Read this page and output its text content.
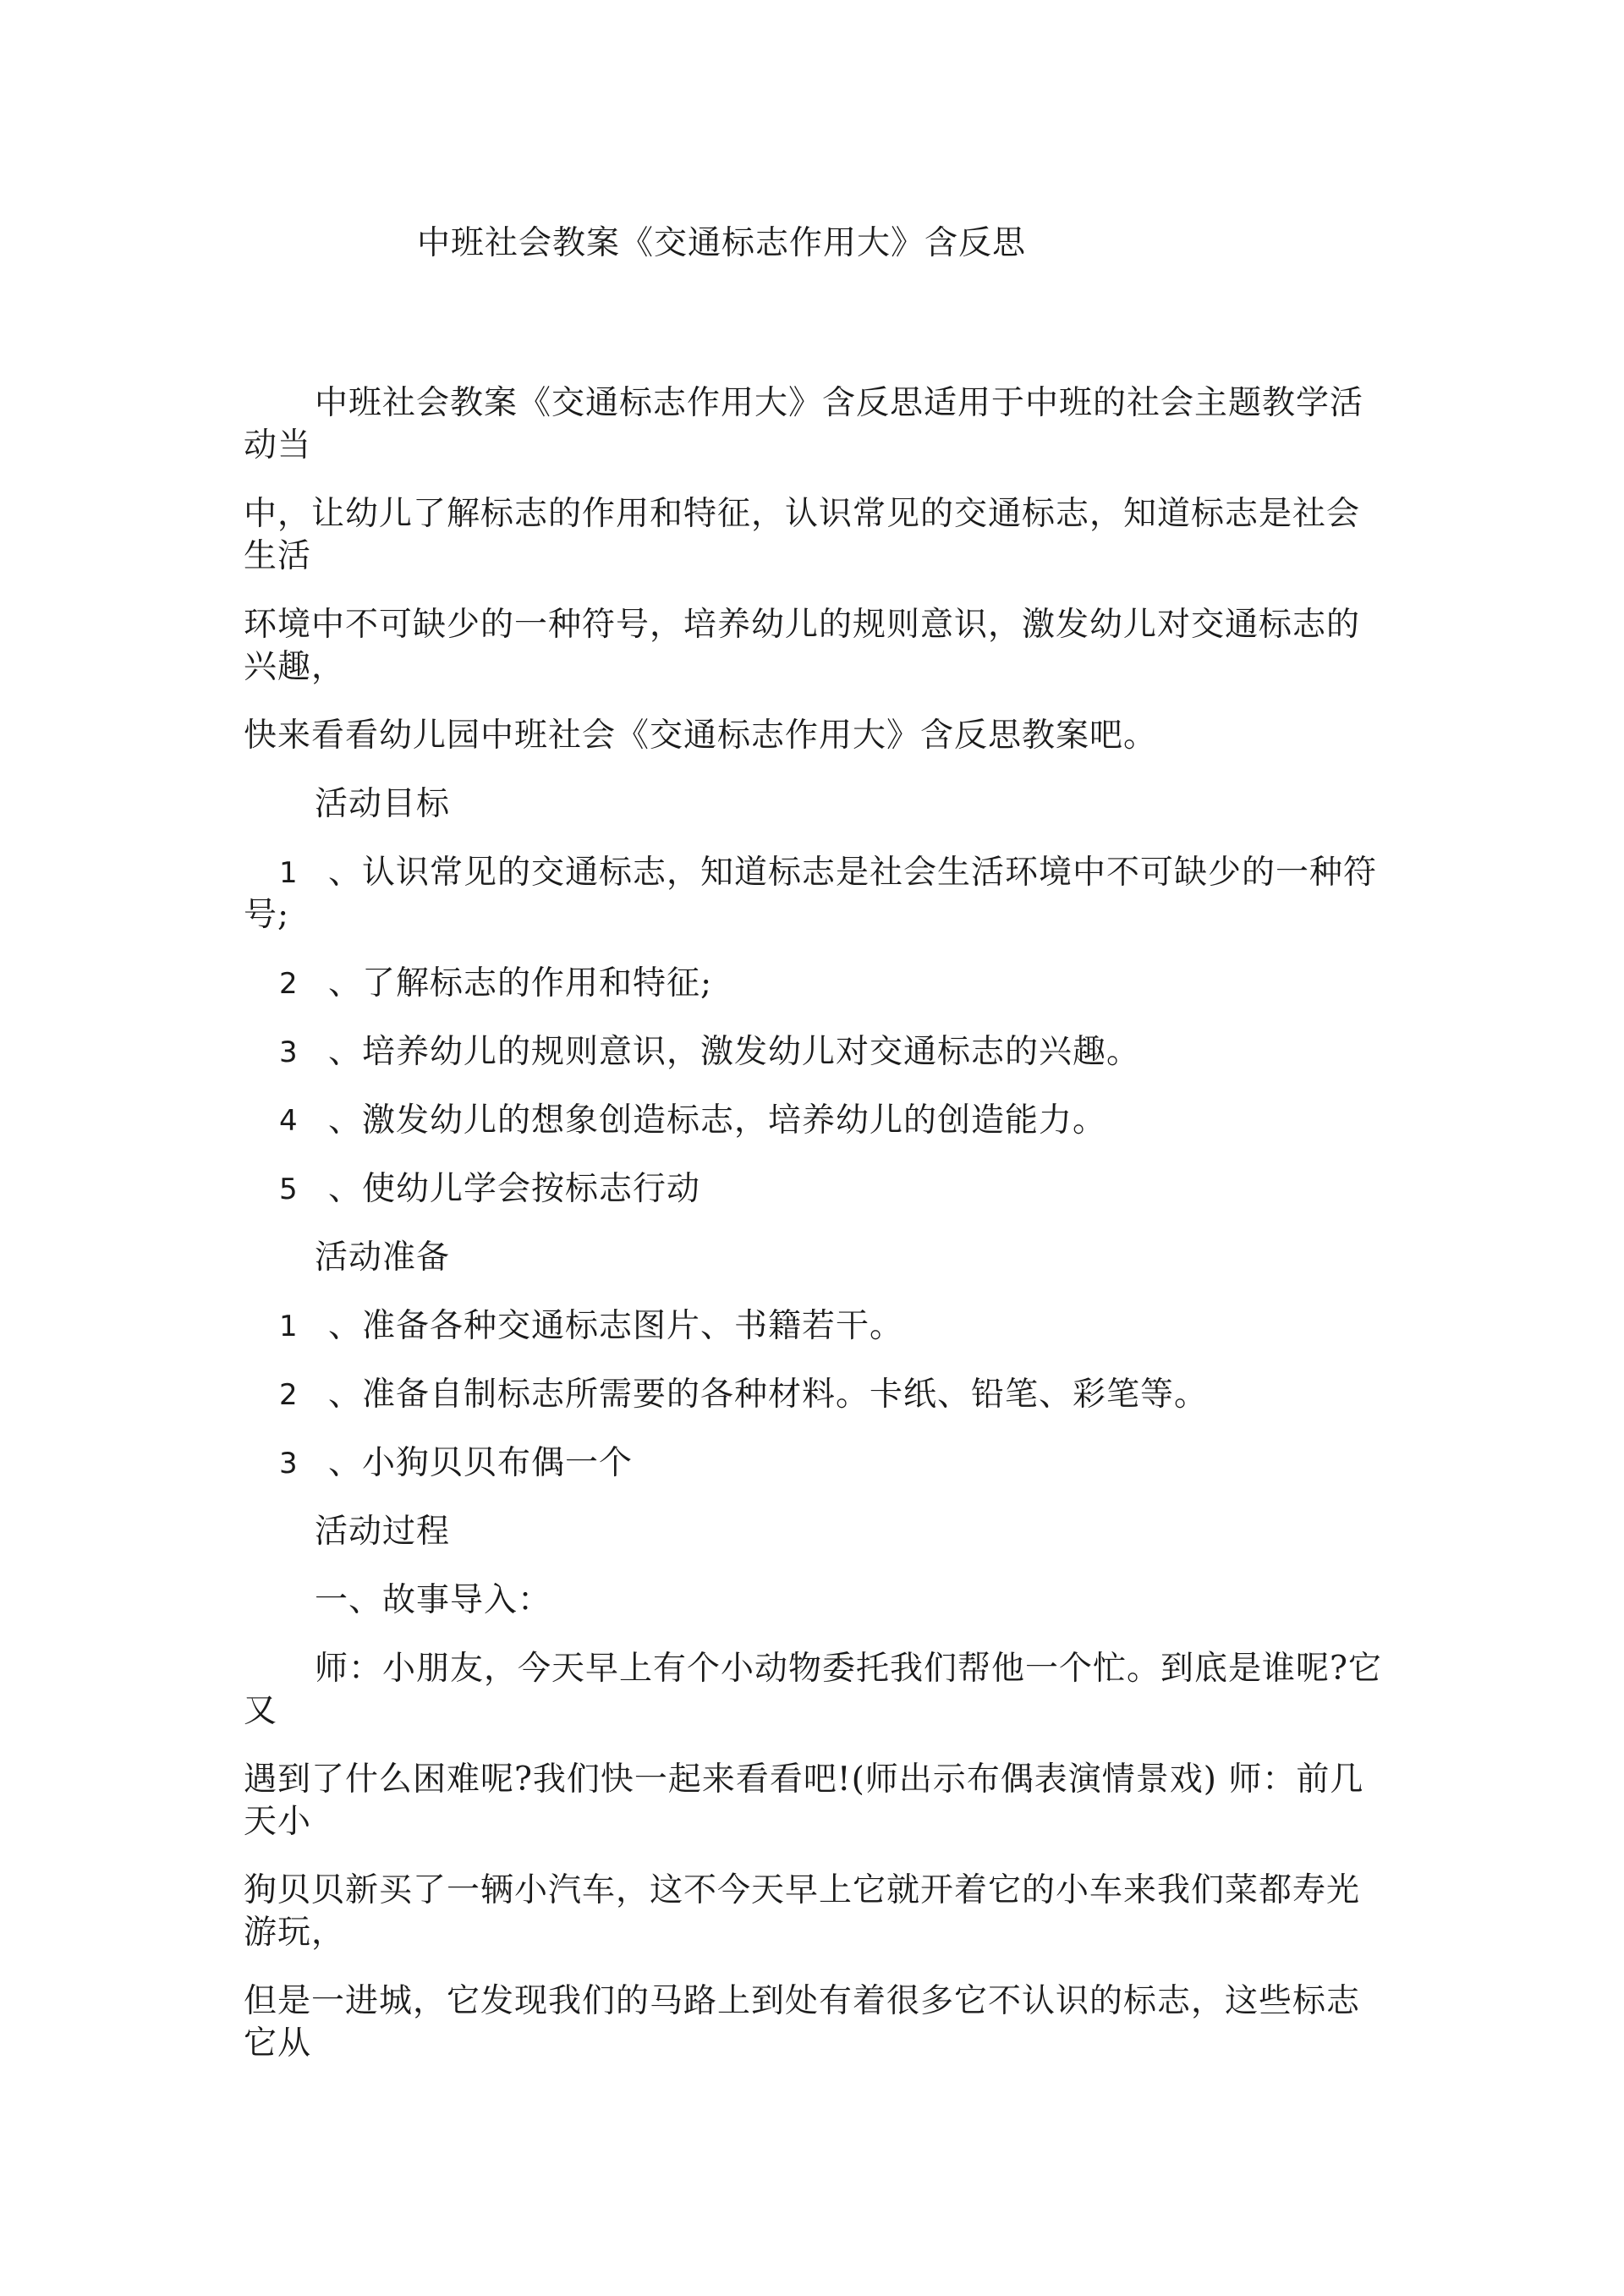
中班社会教案《交通标志作用大》含反思
中班社会教案《交通标志作用大》含反思适用于中班的社会主题教学活
动当
中，让幼儿了解标志的作用和特征，认识常见的交通标志，知道标志是社会
生活
环境中不可缺少的一种符号，培养幼儿的规则意识，激发幼儿对交通标志的
兴趣，
快来看看幼儿园中班社会《交通标志作用大》含反思教案吧。
活动目标
1 、认识常见的交通标志，知道标志是社会生活环境中不可缺少的一种符
号;
2 、了解标志的作用和特征;
3 、培养幼儿的规则意识，激发幼儿对交通标志的兴趣。
4 、激发幼儿的想象创造标志，培养幼儿的创造能力。
5 、使幼儿学会按标志行动
活动准备
1 、准备各种交通标志图片、书籍若干。
2 、准备自制标志所需要的各种材料。卡纸、铅笔、彩笔等。
3 、小狗贝贝布偶一个
活动过程
一、故事导入：
师：小朋友，今天早上有个小动物委托我们帮他一个忙。到底是谁呢?它
又
遇到了什么困难呢?我们快一起来看看吧!(师出示布偶表演情景戏) 师：前几
天小
狗贝贝新买了一辆小汽车，这不今天早上它就开着它的小车来我们菜都寿光
游玩，
但是一进城，它发现我们的马路上到处有着很多它不认识的标志，这些标志
它从
